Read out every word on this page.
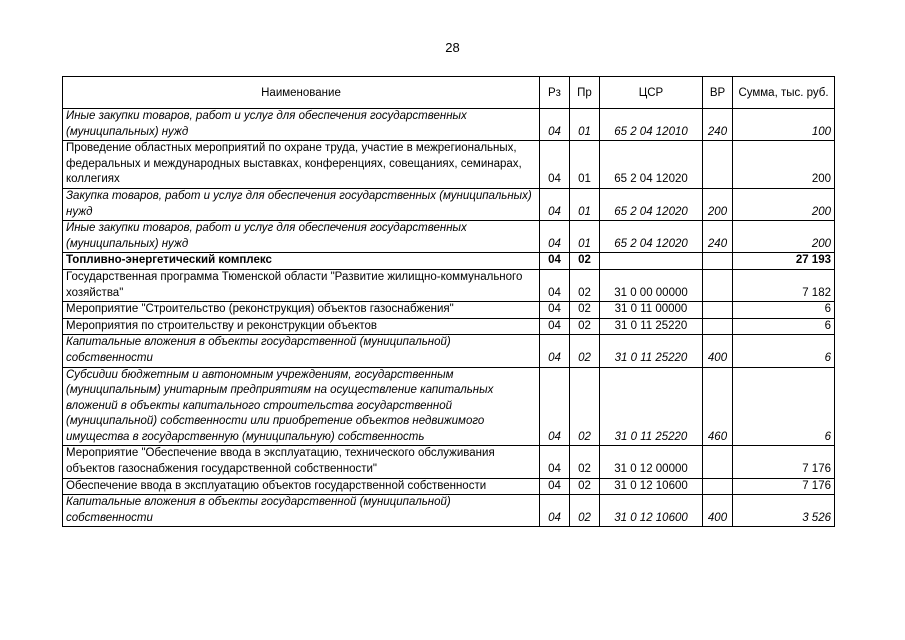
28
Наименование	Рз	Пр	ЦСР	ВР	Сумма, тыс. руб.
Иные закупки товаров, работ и услуг для обеспечения государственных (муниципальных) нужд	04	01	65 2 04 12010	240	100
Проведение областных мероприятий по охране труда, участие в межрегиональных, федеральных и международных выставках, конференциях, совещаниях, семинарах, коллегиях	04	01	65 2 04 12020		200
Закупка товаров, работ и услуг для обеспечения государственных (муниципальных) нужд	04	01	65 2 04 12020	200	200
Иные закупки товаров, работ и услуг для обеспечения государственных (муниципальных) нужд	04	01	65 2 04 12020	240	200
Топливно-энергетический комплекс	04	02			27 193
Государственная программа Тюменской области "Развитие жилищно-коммунального хозяйства"	04	02	31 0 00 00000		7 182
Мероприятие "Строительство (реконструкция) объектов газоснабжения"	04	02	31 0 11 00000		6
Мероприятия по строительству и реконструкции объектов	04	02	31 0 11 25220		6
Капитальные вложения в объекты государственной (муниципальной) собственности	04	02	31 0 11 25220	400	6
Субсидии бюджетным и автономным учреждениям, государственным (муниципальным) унитарным предприятиям на осуществление капитальных вложений в объекты капитального строительства государственной (муниципальной) собственности или приобретение объектов недвижимого имущества в государственную (муниципальную) собственность	04	02	31 0 11 25220	460	6
Мероприятие "Обеспечение ввода в эксплуатацию, технического обслуживания объектов газоснабжения государственной собственности"	04	02	31 0 12 00000		7 176
Обеспечение ввода в эксплуатацию объектов государственной собственности	04	02	31 0 12 10600		7 176
Капитальные вложения в объекты государственной (муниципальной) собственности	04	02	31 0 12 10600	400	3 526
